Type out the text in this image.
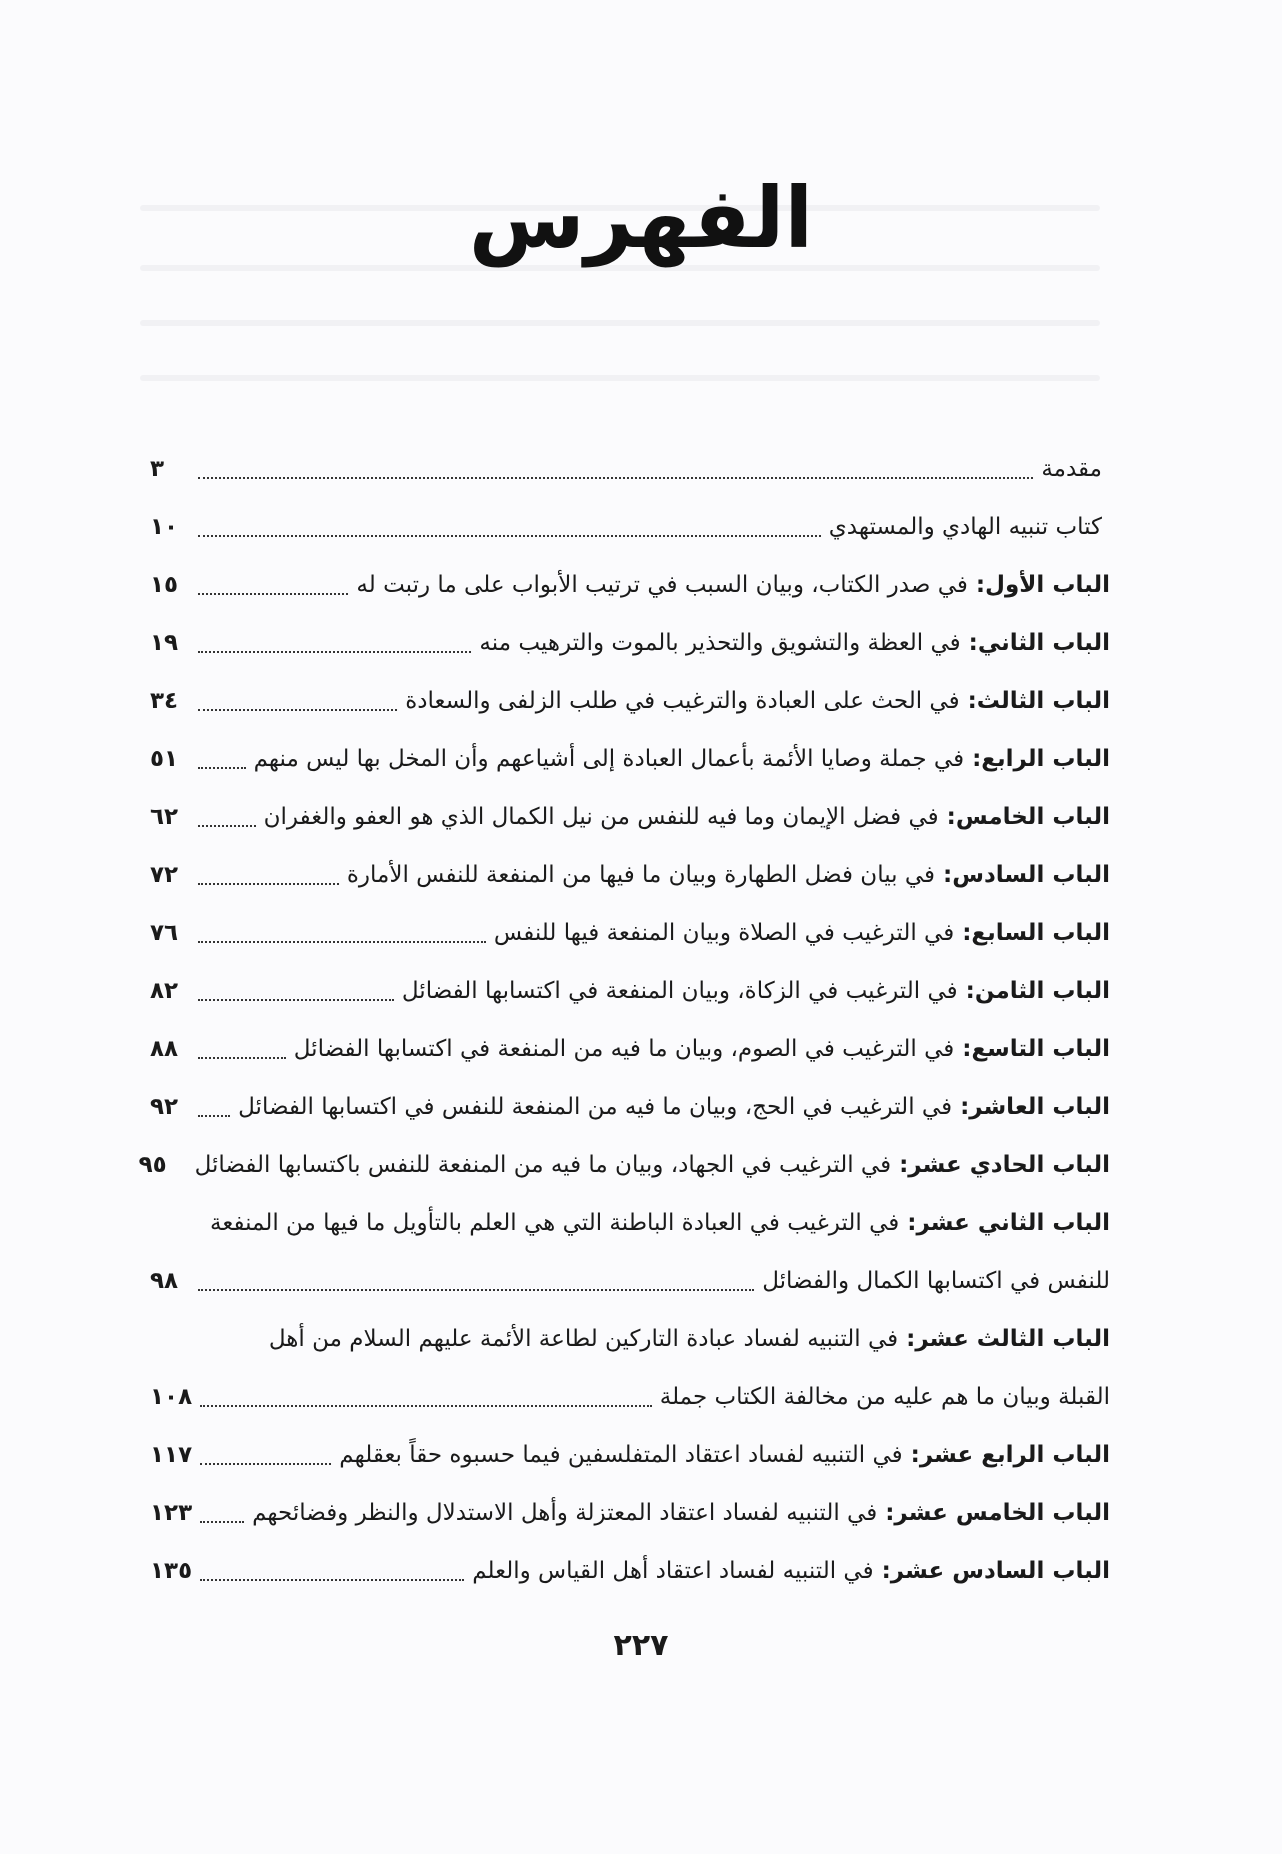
الفهرس
مقدمة
٣
كتاب تنبيه الهادي والمستهدي
١٠
الباب الأول:
في صدر الكتاب، وبيان السبب في ترتيب الأبواب على ما رتبت له
١٥
الباب الثاني:
في العظة والتشويق والتحذير بالموت والترهيب منه
١٩
الباب الثالث:
في الحث على العبادة والترغيب في طلب الزلفى والسعادة
٣٤
الباب الرابع:
في جملة وصايا الأئمة بأعمال العبادة إلى أشياعهم وأن المخل بها ليس منهم
٥١
الباب الخامس:
في فضل الإيمان وما فيه للنفس من نيل الكمال الذي هو العفو والغفران
٦٢
الباب السادس:
في بيان فضل الطهارة وبيان ما فيها من المنفعة للنفس الأمارة
٧٢
الباب السابع:
في الترغيب في الصلاة وبيان المنفعة فيها للنفس
٧٦
الباب الثامن:
في الترغيب في الزكاة، وبيان المنفعة في اكتسابها الفضائل
٨٢
الباب التاسع:
في الترغيب في الصوم، وبيان ما فيه من المنفعة في اكتسابها الفضائل
٨٨
الباب العاشر:
في الترغيب في الحج، وبيان ما فيه من المنفعة للنفس في اكتسابها الفضائل
٩٢
الباب الحادي عشر:
في الترغيب في الجهاد، وبيان ما فيه من المنفعة للنفس باكتسابها الفضائل
٩٥
الباب الثاني عشر:في الترغيب في العبادة الباطنة التي هي العلم بالتأويل ما فيها من المنفعة
للنفس في اكتسابها الكمال والفضائل
٩٨
الباب الثالث عشر:في التنبيه لفساد عبادة التاركين لطاعة الأئمة عليهم السلام من أهل
القبلة وبيان ما هم عليه من مخالفة الكتاب جملة
١٠٨
الباب الرابع عشر:
في التنبيه لفساد اعتقاد المتفلسفين فيما حسبوه حقاً بعقلهم
١١٧
الباب الخامس عشر:
في التنبيه لفساد اعتقاد المعتزلة وأهل الاستدلال والنظر وفضائحهم
١٢٣
الباب السادس عشر:
في التنبيه لفساد اعتقاد أهل القياس والعلم
١٣٥
٢٢٧
